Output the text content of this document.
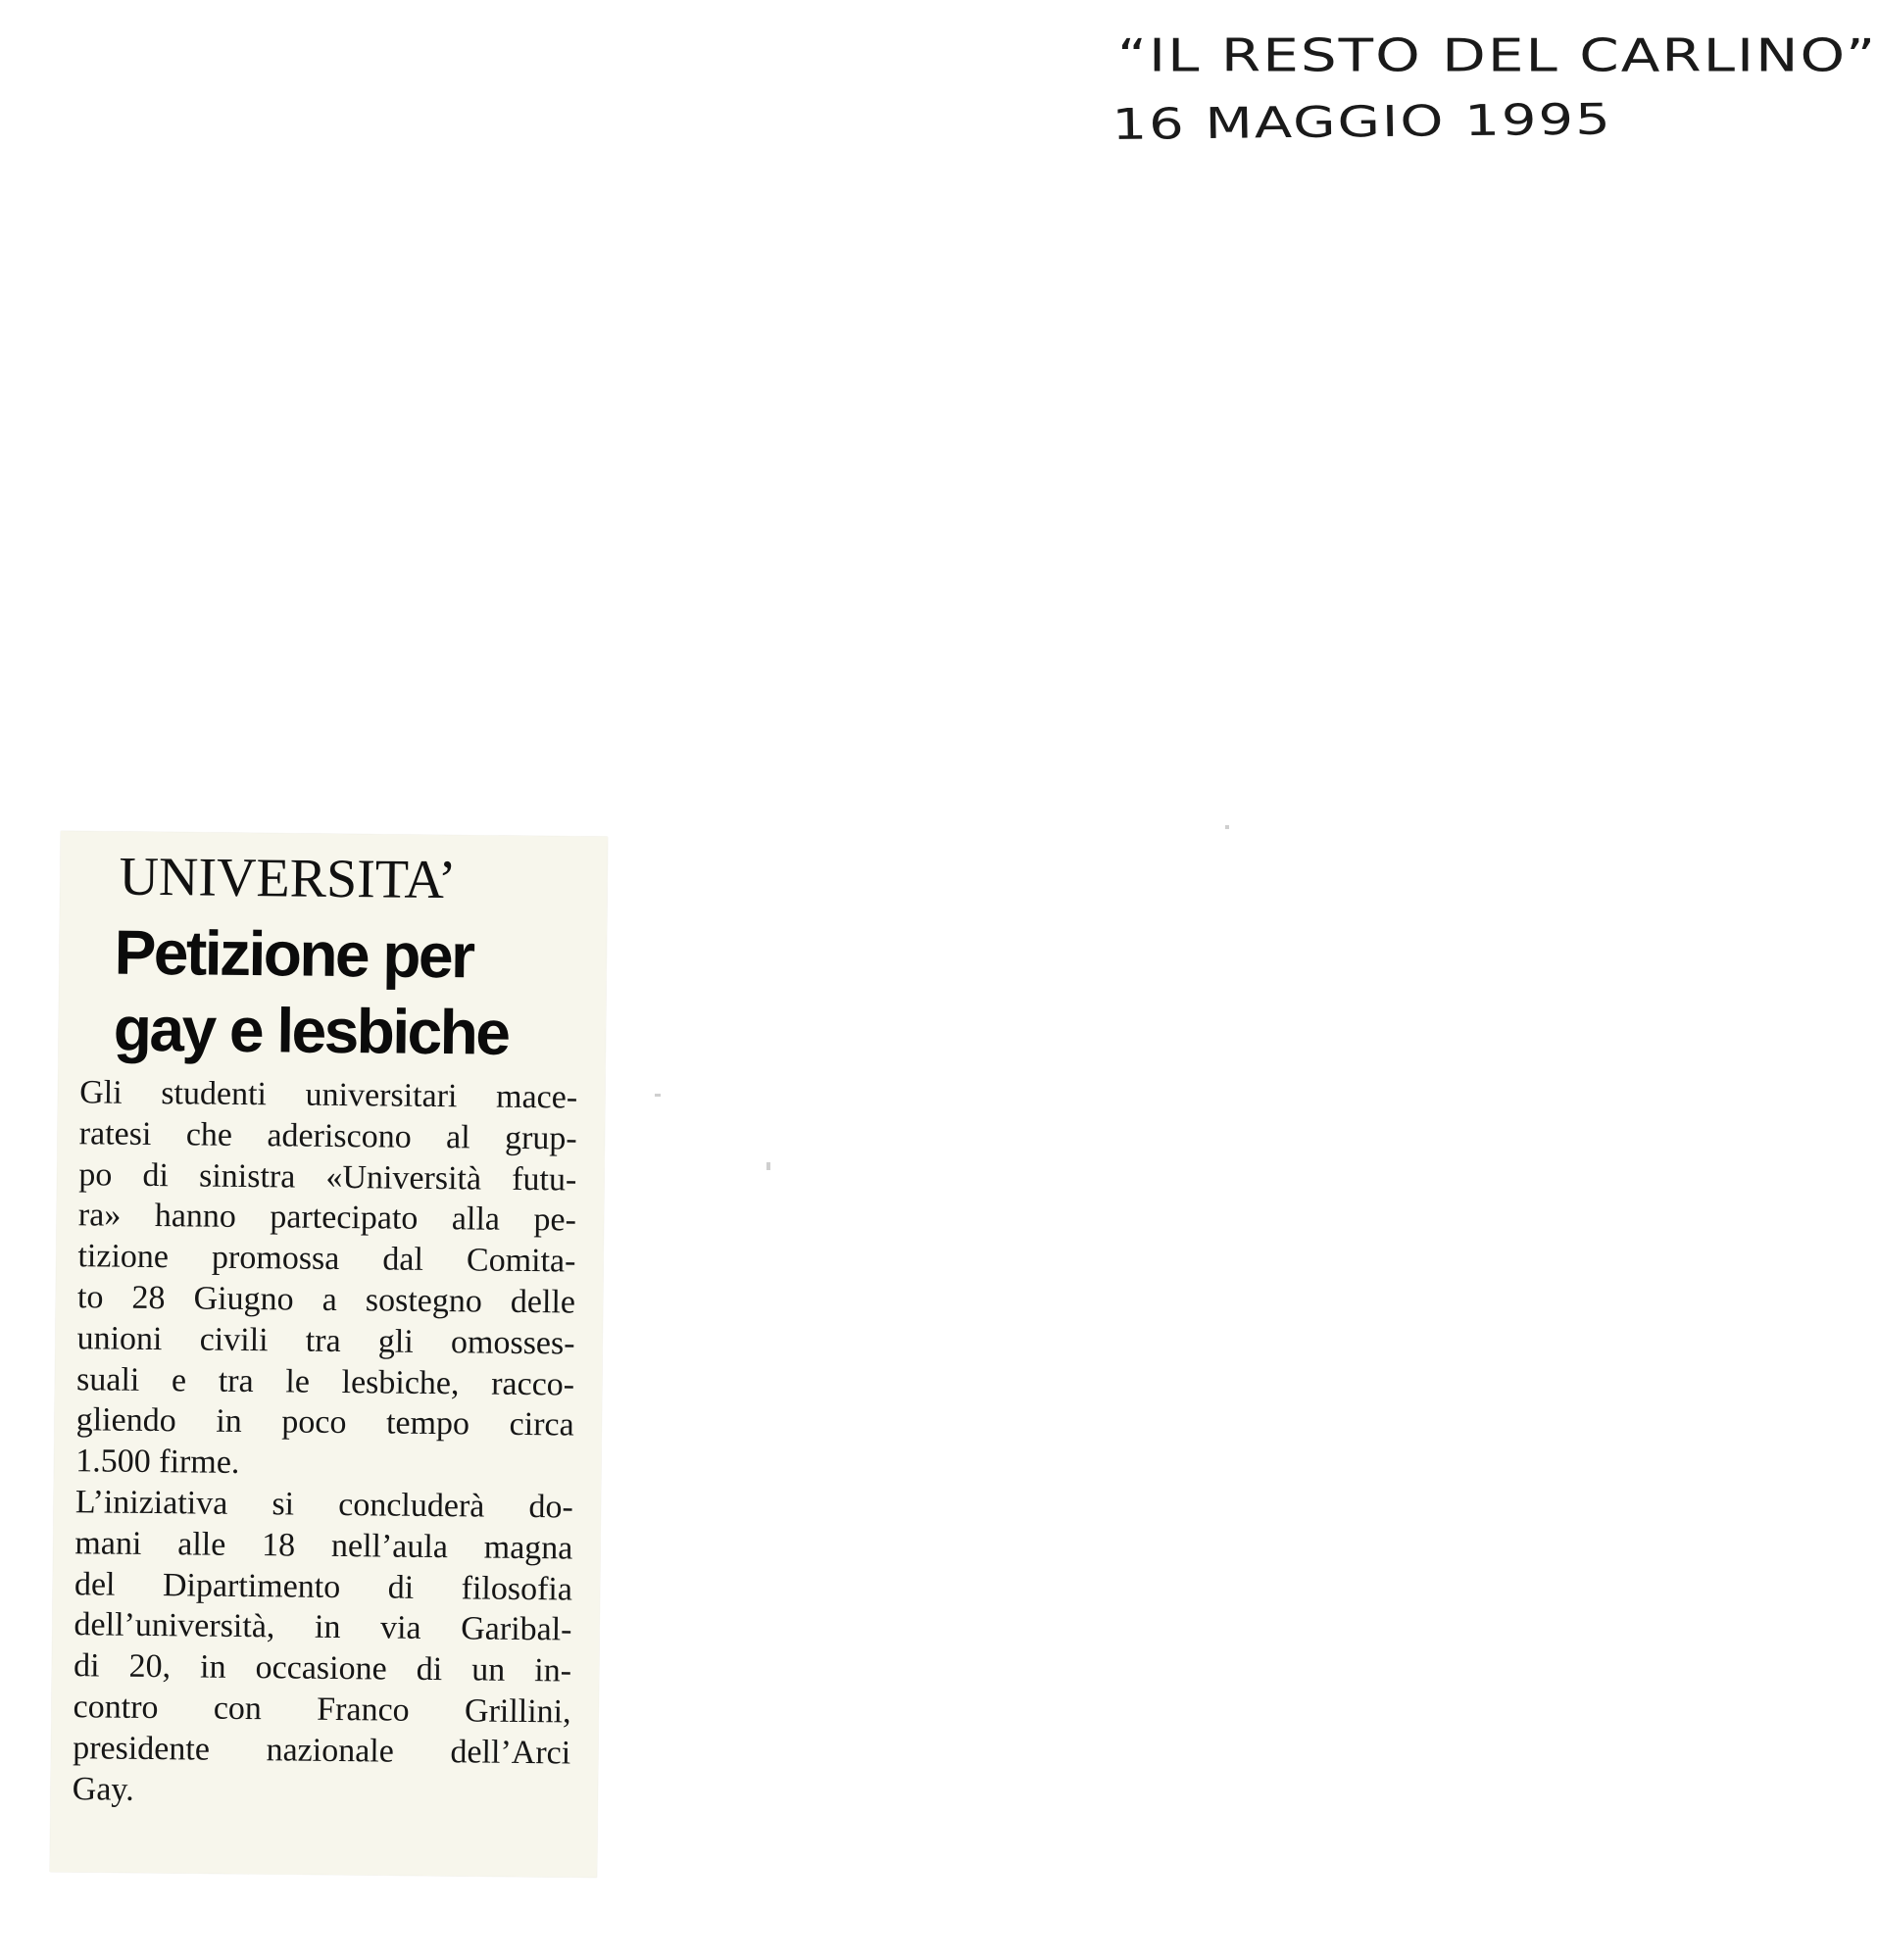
“IL RESTO DEL CARLINO”
16 MAGGIO 1995
UNIVERSITA’
Petizione per
gay e lesbiche
Gli studenti universitari mace-
ratesi che aderiscono al grup-
po di sinistra «Università futu-
ra» hanno partecipato alla pe-
tizione promossa dal Comita-
to 28 Giugno a sostegno delle
unioni civili tra gli omosses-
suali e tra le lesbiche, racco-
gliendo in poco tempo circa
1.500 firme.
L’iniziativa si concluderà do-
mani alle 18 nell’aula magna
del Dipartimento di filosofia
dell’università, in via Garibal-
di 20, in occasione di un in-
contro con Franco Grillini,
presidente nazionale dell’Arci
Gay.
